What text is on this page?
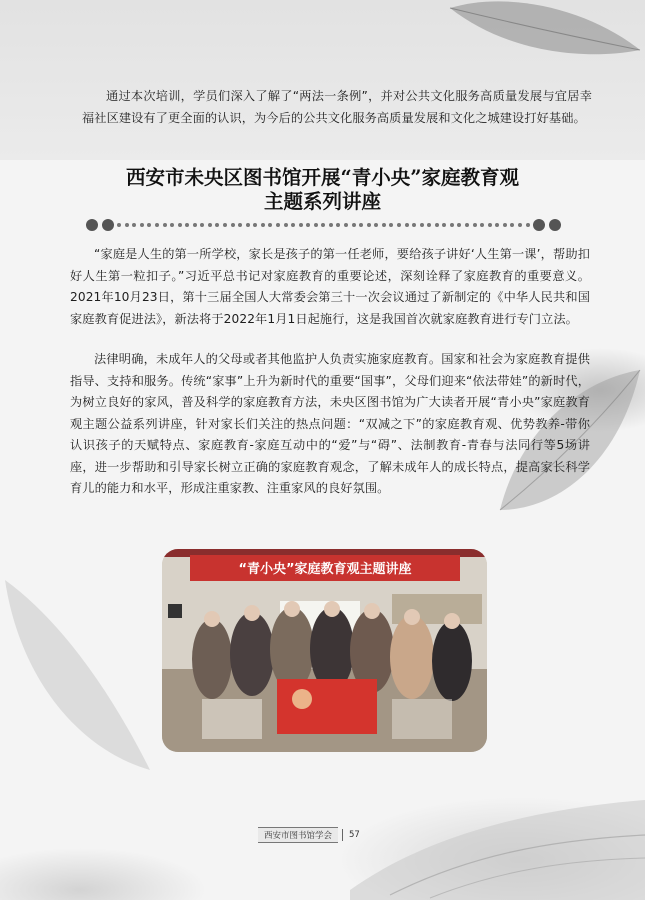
通过本次培训，学员们深入了解了“两法一条例”，并对公共文化服务高质量发展与宜居幸福社区建设有了更全面的认识，为今后的公共文化服务高质量发展和文化之城建设打好基础。

西安市未央区图书馆开展“青小央”家庭教育观
主题系列讲座

“家庭是人生的第一所学校，家长是孩子的第一任老师，要给孩子讲好‘人生第一课’，帮助扣好人生第一粒扣子。”习近平总书记对家庭教育的重要论述，深刻诠释了家庭教育的重要意义。2021年10月23日，第十三届全国人大常委会第三十一次会议通过了新制定的《中华人民共和国家庭教育促进法》，新法将于2022年1月1日起施行，这是我国首次就家庭教育进行专门立法。

法律明确，未成年人的父母或者其他监护人负责实施家庭教育。国家和社会为家庭教育提供指导、支持和服务。传统“家事”上升为新时代的重要“国事”，父母们迎来“依法带娃”的新时代，为树立良好的家风，普及科学的家庭教育方法，未央区图书馆为广大读者开展“青小央”家庭教育观主题公益系列讲座，针对家长们关注的热点问题：“双减之下”的家庭教育观、优势教养-带你认识孩子的天赋特点、家庭教育-家庭互动中的“爱”与“碍”、法制教育-青春与法同行等5场讲座，进一步帮助和引导家长树立正确的家庭教育观念，了解未成年人的成长特点，提高家长科学育儿的能力和水平，形成注重家教、注重家风的良好氛围。

“青小央”家庭教育观主题讲座
西安市图书馆学会	57
